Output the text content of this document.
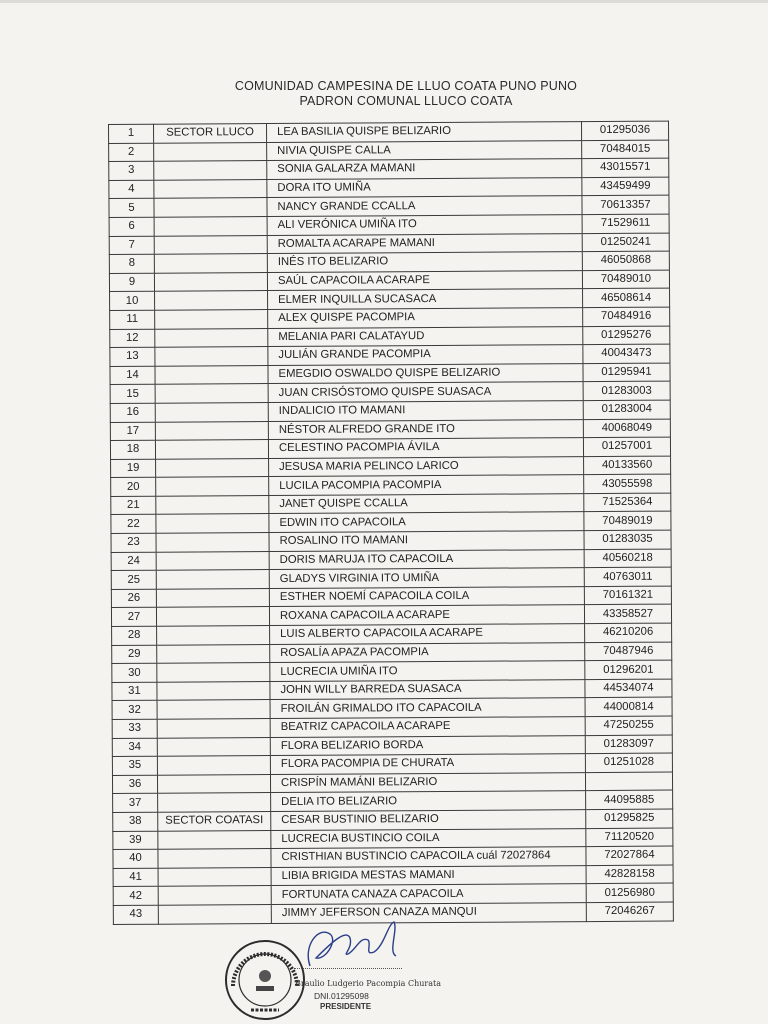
COMUNIDAD CAMPESINA DE LLUO COATA PUNO PUNO
PADRON COMUNAL LLUCO COATA
1	SECTOR LLUCO	LEA BASILIA QUISPE BELIZARIO	01295036
2		NIVIA QUISPE CALLA	70484015
3		SONIA GALARZA MAMANI	43015571
4		DORA ITO UMIÑA	43459499
5		NANCY GRANDE CCALLA	70613357
6		ALI VERÓNICA UMIÑA ITO	71529611
7		ROMALTA ACARAPE MAMANI	01250241
8		INÉS ITO BELIZARIO	46050868
9		SAÚL CAPACOILA ACARAPE	70489010
10		ELMER INQUILLA SUCASACA	46508614
11		ALEX QUISPE PACOMPIA	70484916
12		MELANIA PARI CALATAYUD	01295276
13		JULIÁN GRANDE PACOMPIA	40043473
14		EMEGDIO OSWALDO QUISPE BELIZARIO	01295941
15		JUAN CRISÓSTOMO QUISPE SUASACA	01283003
16		INDALICIO ITO MAMANI	01283004
17		NÉSTOR ALFREDO GRANDE ITO	40068049
18		CELESTINO PACOMPIA ÁVILA	01257001
19		JESUSA MARIA PELINCO LARICO	40133560
20		LUCILA PACOMPIA PACOMPIA	43055598
21		JANET QUISPE CCALLA	71525364
22		EDWIN ITO CAPACOILA	70489019
23		ROSALINO ITO MAMANI	01283035
24		DORIS MARUJA ITO CAPACOILA	40560218
25		GLADYS VIRGINIA ITO UMIÑA	40763011
26		ESTHER NOEMÍ CAPACOILA COILA	70161321
27		ROXANA CAPACOILA ACARAPE	43358527
28		LUIS ALBERTO CAPACOILA ACARAPE	46210206
29		ROSALÍA APAZA PACOMPIA	70487946
30		LUCRECIA UMIÑA ITO	01296201
31		JOHN WILLY BARREDA SUASACA	44534074
32		FROILÁN GRIMALDO ITO CAPACOILA	44000814
33		BEATRIZ CAPACOILA ACARAPE	47250255
34		FLORA BELIZARIO BORDA	01283097
35		FLORA PACOMPIA DE CHURATA	01251028
36		CRISPÍN MAMÁNI BELIZARIO	
37		DELIA ITO BELIZARIO	44095885
38	SECTOR COATASI	CESAR BUSTINIO BELIZARIO	01295825
39		LUCRECIA BUSTINCIO COILA	71120520
40		CRISTHIAN BUSTINCIO CAPACOILA cuál 72027864	72027864
41		LIBIA BRIGIDA MESTAS MAMANI	42828158
42		FORTUNATA CANAZA CAPACOILA	01256980
43		JIMMY JEFERSON CANAZA MANQUI	72046267
Braulio Ludgerio Pacompia Churata
DNI.01295098
PRESIDENTE
